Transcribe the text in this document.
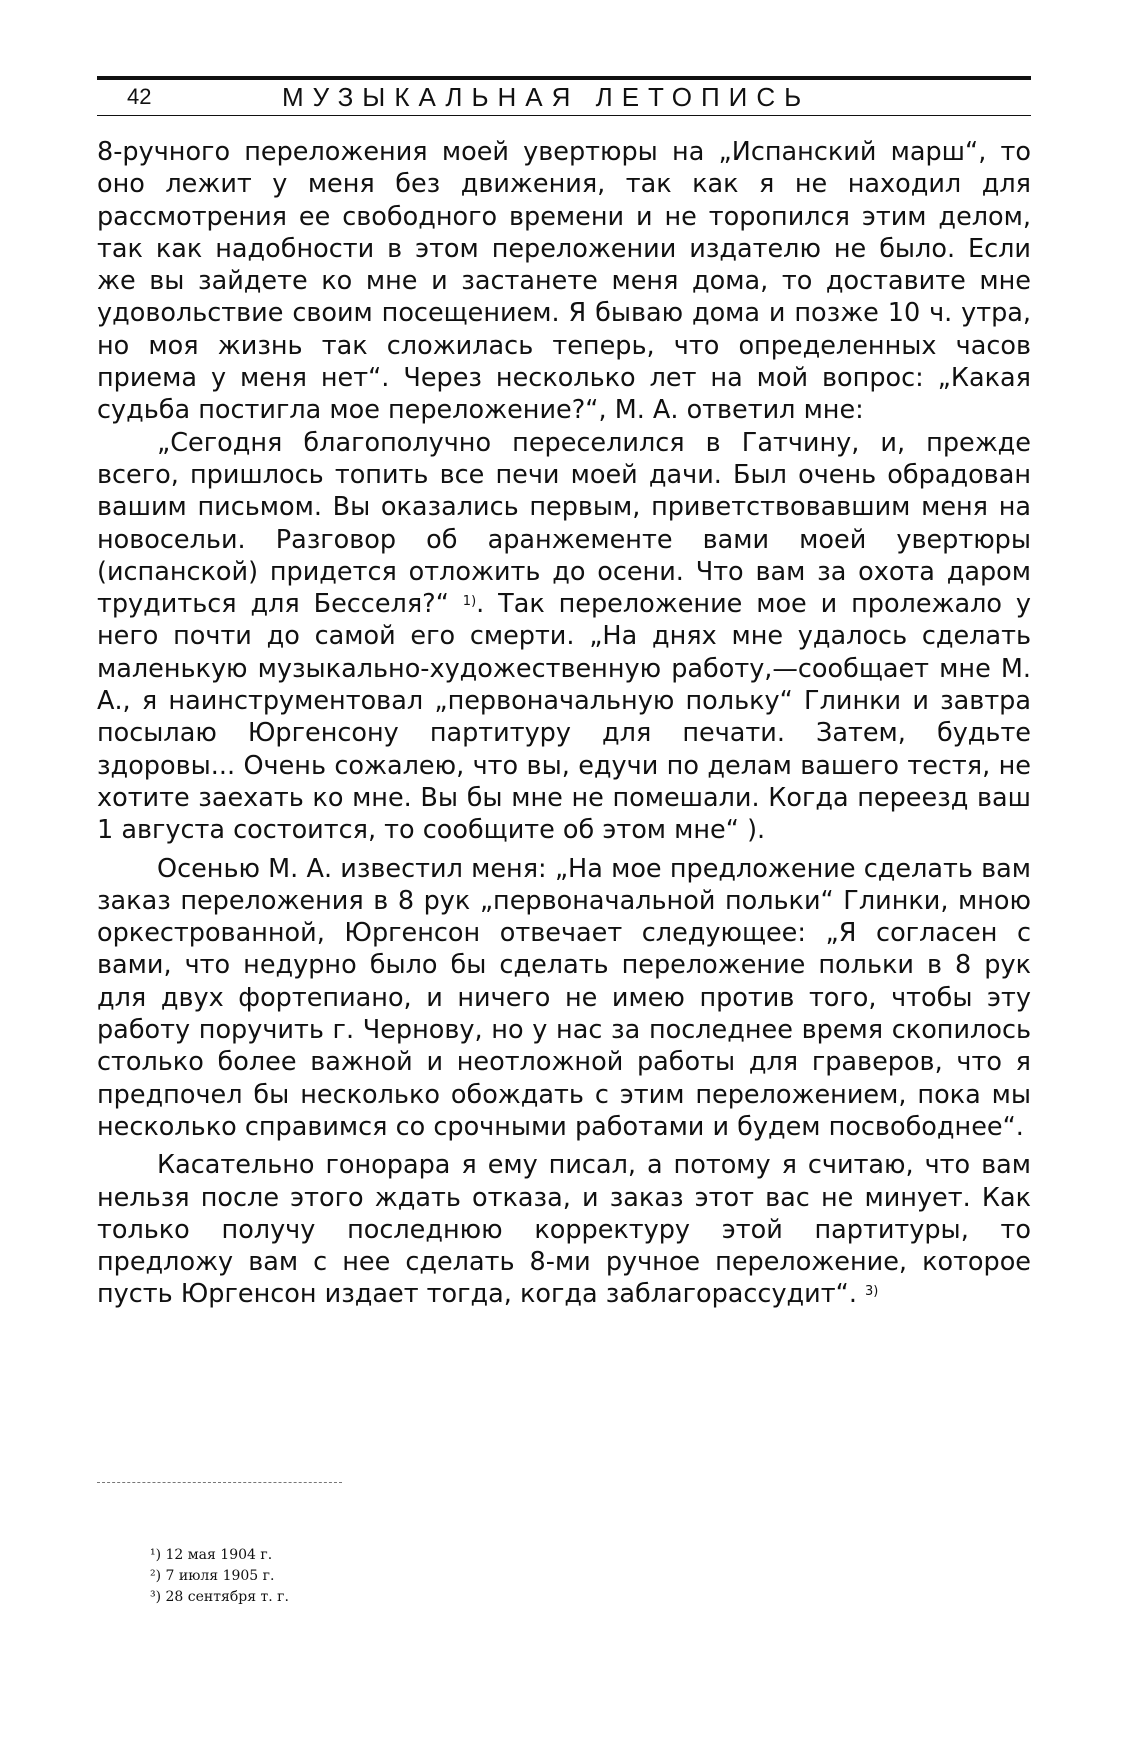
42	МУЗЫКАЛЬНАЯ ЛЕТОПИСЬ

8-ручного переложения моей увертюры на „Испанский марш“, то оно лежит у меня без движения, так как я не находил для рассмотрения ее свободного времени и не торопился этим делом, так как надобности в этом переложении издателю не было. Если же вы зайдете ко мне и застанете меня дома, то доставите мне удовольствие своим посещением. Я бываю дома и позже 10 ч. утра, но моя жизнь так сложилась теперь, что определенных часов приема у меня нет“. Через несколько лет на мой вопрос: „Какая судьба постигла мое переложение?“, М. А. ответил мне:

„Сегодня благополучно переселился в Гатчину, и, прежде всего, пришлось топить все печи моей дачи. Был очень обрадован вашим письмом. Вы оказались первым, приветствовавшим меня на новосельи. Разговор об аранжементе вами моей увертюры (испанской) придется отложить до осени. Что вам за охота даром трудиться для Бесселя?“ $^{1)}$. Так переложение мое и пролежало у него почти до самой его смерти. „На днях мне удалось сделать маленькую музыкально-художественную работу,—сообщает мне М. А., я наинструментовал „первоначальную польку“ Глинки и завтра посылаю Юргенсону партитуру для печати. Затем, будьте здоровы... Очень сожалею, что вы, едучи по делам вашего тестя, не хотите заехать ко мне. Вы бы мне не помешали. Когда переезд ваш 1 августа состоится, то сообщите об этом мне“ ).

Осенью М. А. известил меня: „На мое предложение сделать вам заказ переложения в 8 рук „первоначальной польки“ Глинки, мною оркестрованной, Юргенсон отвечает следующее: „Я согласен с вами, что недурно было бы сделать переложение польки в 8 рук для двух фортепиано, и ничего не имею против того, чтобы эту работу поручить г. Чернову, но у нас за последнее время скопилось столько более важной и неотложной работы для граверов, что я предпочел бы несколько обождать с этим переложением, пока мы несколько справимся со срочными работами и будем посвободнее“.

Касательно гонорара я ему писал, а потому я считаю, что вам нельзя после этого ждать отказа, и заказ этот вас не минует. Как только получу последнюю корректуру этой партитуры, то предложу вам с нее сделать 8-ми ручное переложение, которое пусть Юргенсон издает тогда, когда заблагорассудит“. $^{3)}$

¹) 12 мая 1904 г.
²) 7 июля 1905 г.
³) 28 сентября т. г.
